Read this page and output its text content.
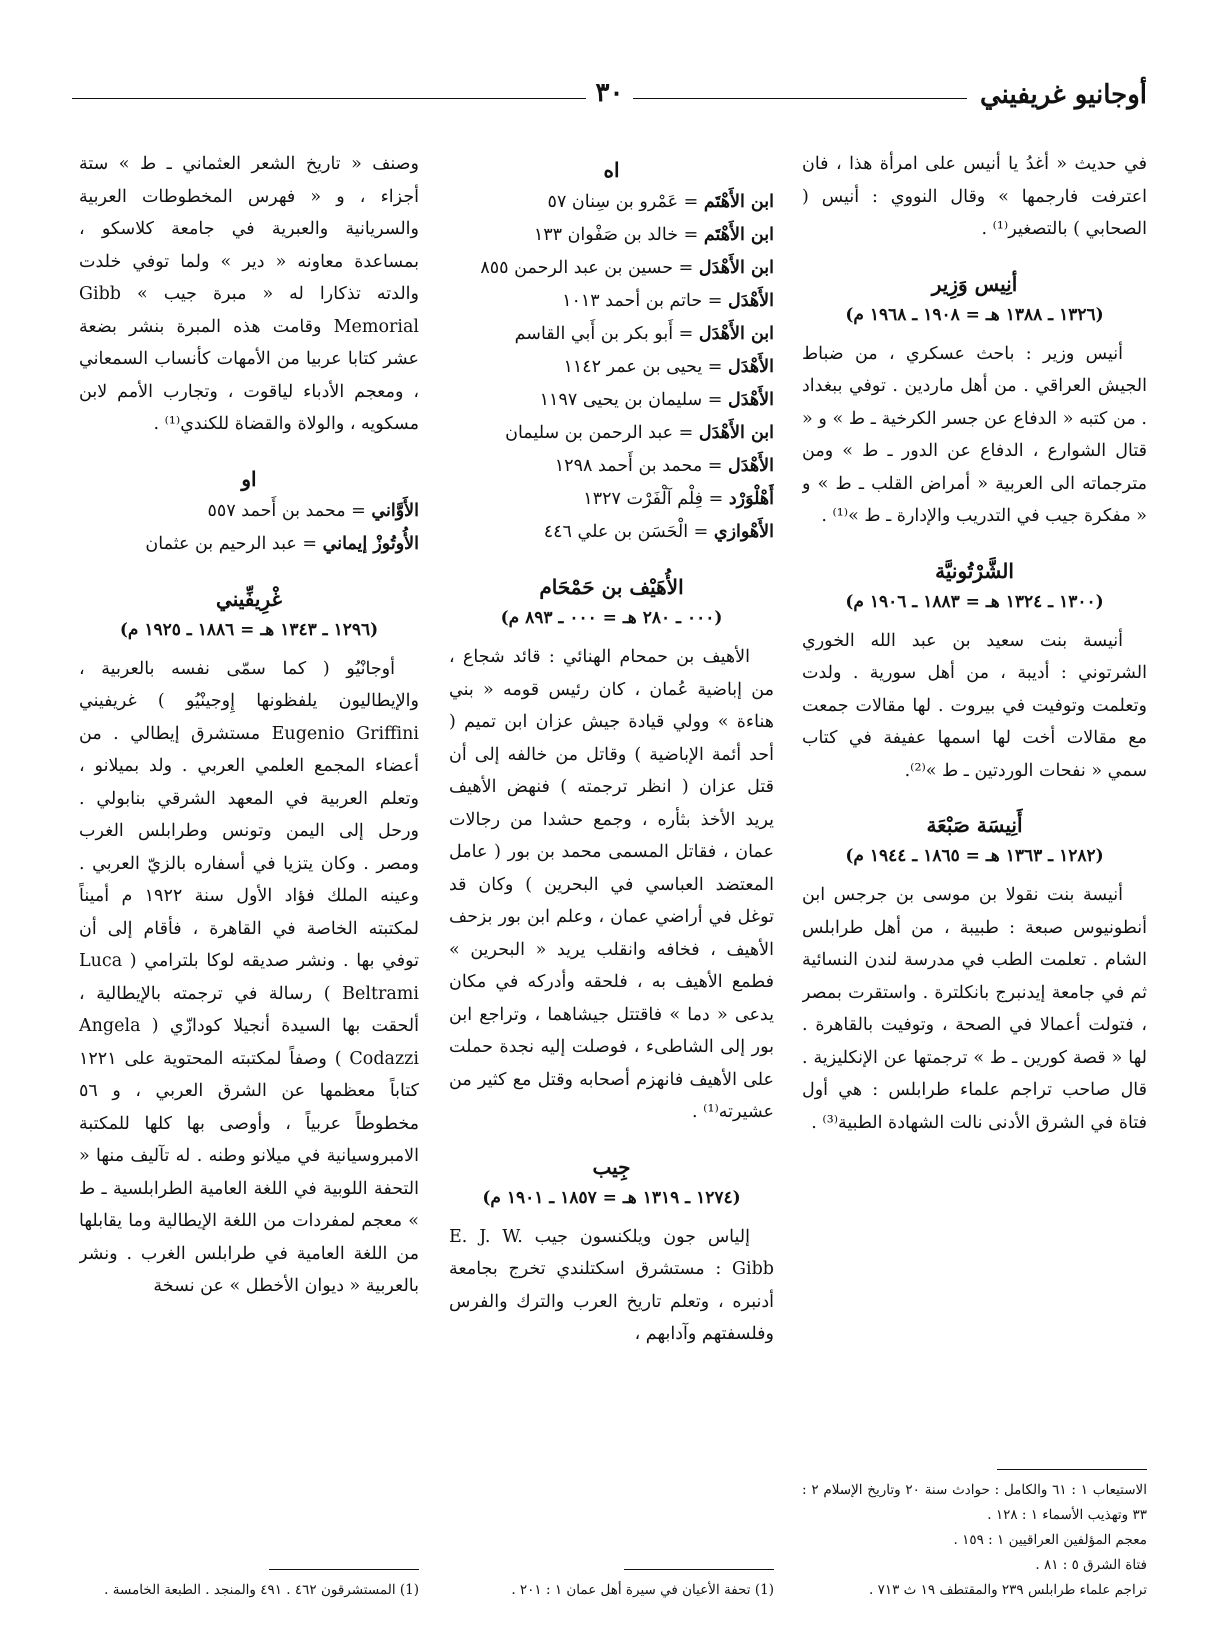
أوجانيو غريفيني
٣٠

في حديث « أغدُ يا أنيس على امرأة هذا ، فان اعترفت فارجمها » وقال النووي : أنيس ( الصحابي ) بالتصغير⁽¹⁾ .

أنِيس وَزِير
(١٣٢٦ ـ ١٣٨٨ هـ = ١٩٠٨ ـ ١٩٦٨ م)

أنيس وزير : باحث عسكري ، من ضباط الجيش العراقي . من أهل ماردين . توفي ببغداد . من كتبه « الدفاع عن جسر الكرخية ـ ط » و « قتال الشوارع ، الدفاع عن الدور ـ ط » ومن مترجماته الى العربية « أمراض القلب ـ ط » و « مفكرة جيب في التدريب والإدارة ـ ط »⁽¹⁾ .

الشَّرْتُونيَّة
(١٣٠٠ ـ ١٣٢٤ هـ = ١٨٨٣ ـ ١٩٠٦ م)

أنيسة بنت سعيد بن عبد الله الخوري الشرتوني : أديبة ، من أهل سورية . ولدت وتعلمت وتوفيت في بيروت . لها مقالات جمعت مع مقالات أخت لها اسمها عفيفة في كتاب سمي « نفحات الوردتين ـ ط »⁽²⁾.

أَنِيسَة صَبْعَة
(١٢٨٢ ـ ١٣٦٣ هـ = ١٨٦٥ ـ ١٩٤٤ م)

أنيسة بنت نقولا بن موسى بن جرجس ابن أنطونيوس صبعة : طبيبة ، من أهل طرابلس الشام . تعلمت الطب في مدرسة لندن النسائية ثم في جامعة إيدنبرج بانكلترة . واستقرت بمصر ، فتولت أعمالا في الصحة ، وتوفيت بالقاهرة . لها « قصة كورين ـ ط » ترجمتها عن الإنكليزية . قال صاحب تراجم علماء طرابلس : هي أول فتاة في الشرق الأدنى نالت الشهادة الطبية⁽³⁾ .

الاستيعاب ١ : ٦١ والكامل : حوادث سنة ٢٠ وتاريخ الإسلام ٢ : ٣٣ وتهذيب الأسماء ١ : ١٢٨ .
معجم المؤلفين العراقيين ١ : ١٥٩ .
فتاة الشرق ٥ : ٨١ .
تراجم علماء طرابلس ٢٣٩ والمقتطف ١٩ ث ٧١٣ .
اه

ابن الأَهْتَم = عَمْرو بن سِنان ٥٧

ابن الأَهْتَم = خالد بن صَفْوان ١٣٣

ابن الأَهْدَل = حسين بن عبد الرحمن ٨٥٥

الأَهْدَل = حاتم بن أحمد ١٠١٣

ابن الأَهْدَل = أَبو بكر بن أَبي القاسم

الأَهْدَل = يحيى بن عمر ١١٤٢

الأَهْدَل = سليمان بن يحيى ١١٩٧

ابن الأَهْدَل = عبد الرحمن بن سليمان

الأَهْدَل = محمد بن أَحمد ١٢٩٨

أَهْلْوَرْد = فِلْم آلْفَرْت ١٣٢٧

الأَهْوازي = الْحَسَن بن علي ٤٤٦

الأُهَيْف بن حَمْحَام
(٠٠٠ ـ ٢٨٠ هـ = ٠٠٠ ـ ٨٩٣ م)

الأهيف بن حمحام الهنائي : قائد شجاع ، من إباضية عُمان ، كان رئيس قومه « بني هناءة » وولي قيادة جيش عزان ابن تميم ( أحد أئمة الإباضية ) وقاتل من خالفه إلى أن قتل عزان ( انظر ترجمته ) فنهض الأهيف يريد الأخذ بثأره ، وجمع حشدا من رجالات عمان ، فقاتل المسمى محمد بن بور ( عامل المعتضد العباسي في البحرين ) وكان قد توغل في أراضي عمان ، وعلم ابن بور بزحف الأهيف ، فخافه وانقلب يريد « البحرين » فطمع الأهيف به ، فلحقه وأدركه في مكان يدعى « دما » فاقتتل جيشاهما ، وتراجع ابن بور إلى الشاطىء ، فوصلت إليه نجدة حملت على الأهيف فانهزم أصحابه وقتل مع كثير من عشيرته⁽¹⁾ .

جِيب
(١٢٧٤ ـ ١٣١٩ هـ = ١٨٥٧ ـ ١٩٠١ م)

إلياس جون ويلكنسون جيب E. J. W. Gibb : مستشرق اسكتلندي تخرج بجامعة أدنبره ، وتعلم تاريخ العرب والترك والفرس وفلسفتهم وآدابهم ،

(1) تحفة الأعيان في سيرة أهل عمان ١ : ٢٠١ .

وصنف « تاريخ الشعر العثماني ـ ط » ستة أجزاء ، و « فهرس المخطوطات العربية والسريانية والعبرية في جامعة كلاسكو ، بمساعدة معاونه « دير » ولما توفي خلدت والدته تذكارا له « مبرة جيب » Gibb Memorial وقامت هذه المبرة بنشر بضعة عشر كتابا عربيا من الأمهات كأنساب السمعاني ، ومعجم الأدباء لياقوت ، وتجارب الأمم لابن مسكويه ، والولاة والقضاة للكندي⁽¹⁾ .

او

الأَوَّاني = محمد بن أَحمد ٥٥٧

الأُوتُوزْ إيماني = عبد الرحيم بن عثمان

غْرِيفِّيني
(١٢٩٦ ـ ١٣٤٣ هـ = ١٨٨٦ ـ ١٩٢٥ م)

أوجانْيُو ( كما سمّى نفسه بالعربية ، والإيطاليون يلفظونها إِوجينْيُو ) غريفيني Eugenio Griffini مستشرق إيطالي . من أعضاء المجمع العلمي العربي . ولد بميلانو ، وتعلم العربية في المعهد الشرقي بنابولي . ورحل إلى اليمن وتونس وطرابلس الغرب ومصر . وكان يتزيا في أسفاره بالزيّ العربي . وعينه الملك فؤاد الأول سنة ١٩٢٢ م أميناً لمكتبته الخاصة في القاهرة ، فأقام إلى أن توفي بها . ونشر صديقه لوكا بلترامي ( Luca Beltrami ) رسالة في ترجمته بالإيطالية ، ألحقت بها السيدة أنجيلا كودازّي ( Angela Codazzi ) وصفاً لمكتبته المحتوية على ١٢٢١ كتاباً معظمها عن الشرق العربي ، و ٥٦ مخطوطاً عربياً ، وأوصى بها كلها للمكتبة الامبروسيانية في ميلانو وطنه . له تآليف منها « التحفة اللوبية في اللغة العامية الطرابلسية ـ ط » معجم لمفردات من اللغة الإيطالية وما يقابلها من اللغة العامية في طرابلس الغرب . ونشر بالعربية « ديوان الأخطل » عن نسخة

(1) المستشرقون ٤٦٢ . ٤٩١ والمنجد . الطبعة الخامسة .
